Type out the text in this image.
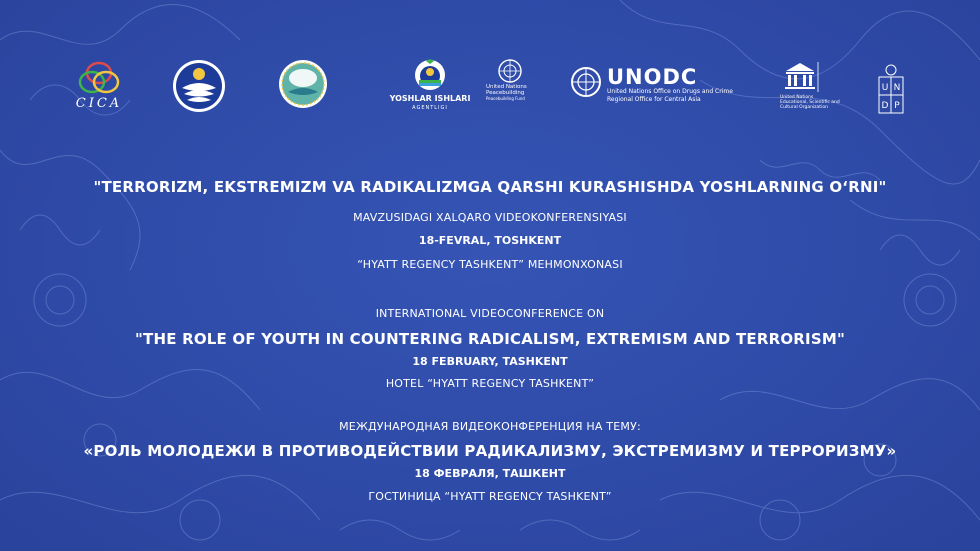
CICA	YOSHLAR ISHLARI
AGENTLIGI
United Nations
Peacebuilding
Peacebuilding Fund
UNODC
United Nations Office on Drugs and Crime
Regional Office for Central Asia	United Nations
Educational, Scientific and
Cultural Organization
U N
D P
"TERRORIZM, EKSTREMIZM VA RADIKALIZMGA QARSHI KURASHISHDA YOSHLARNING O‘RNI"
MAVZUSIDAGI XALQARO VIDEOKONFERENSIYASI
18-FEVRAL, TOSHKENT
“HYATT REGENCY TASHKENT” MEHMONXONASI
INTERNATIONAL VIDEOCONFERENCE ON
"THE ROLE OF YOUTH IN COUNTERING RADICALISM, EXTREMISM AND TERRORISM"
18 FEBRUARY, TASHKENT
HOTEL “HYATT REGENCY TASHKENT”
МЕЖДУНАРОДНАЯ ВИДЕОКОНФЕРЕНЦИЯ НА ТЕМУ:
«РОЛЬ МОЛОДЕЖИ В ПРОТИВОДЕЙСТВИИ РАДИКАЛИЗМУ, ЭКСТРЕМИЗМУ И ТЕРРОРИЗМУ»
18 ФЕВРАЛЯ, ТАШКЕНТ
ГОСТИНИЦА “HYATT REGENCY TASHKENT”
